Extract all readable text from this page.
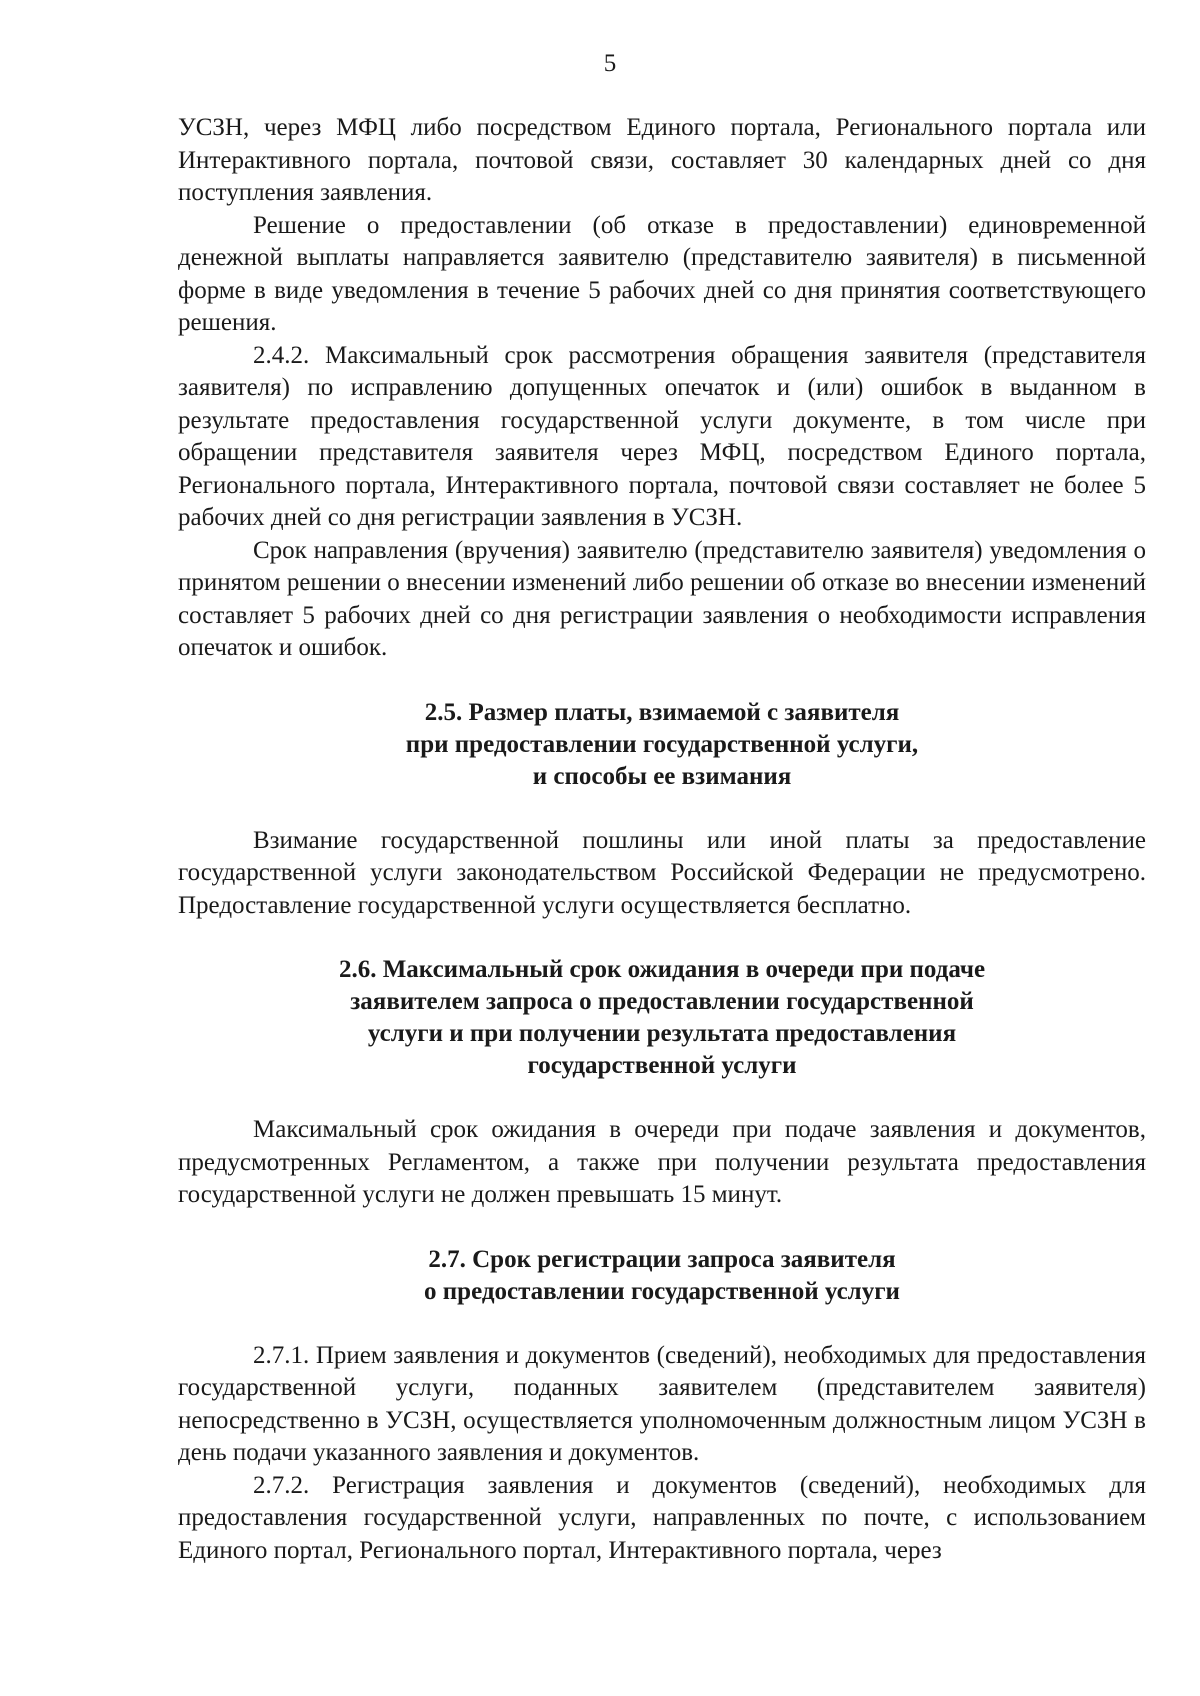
5

УСЗН, через МФЦ либо посредством Единого портала, Регионального портала или Интерактивного портала, почтовой связи, составляет 30 календарных дней со дня поступления заявления.

Решение о предоставлении (об отказе в предоставлении) единовременной денежной выплаты направляется заявителю (представителю заявителя) в письменной форме в виде уведомления в течение 5 рабочих дней со дня принятия соответствующего решения.

2.4.2. Максимальный срок рассмотрения обращения заявителя (представителя заявителя) по исправлению допущенных опечаток и (или) ошибок в выданном в результате предоставления государственной услуги документе, в том числе при обращении представителя заявителя через МФЦ, посредством Единого портала, Регионального портала, Интерактивного портала, почтовой связи составляет не более 5 рабочих дней со дня регистрации заявления в УСЗН.

Срок направления (вручения) заявителю (представителю заявителя) уведомления о принятом решении о внесении изменений либо решении об отказе во внесении изменений составляет 5 рабочих дней со дня регистрации заявления о необходимости исправления опечаток и ошибок.

2.5. Размер платы, взимаемой с заявителя
при предоставлении государственной услуги,
и способы ее взимания

Взимание государственной пошлины или иной платы за предоставление государственной услуги законодательством Российской Федерации не предусмотрено. Предоставление государственной услуги осуществляется бесплатно.

2.6. Максимальный срок ожидания в очереди при подаче
заявителем запроса о предоставлении государственной
услуги и при получении результата предоставления
государственной услуги

Максимальный срок ожидания в очереди при подаче заявления и документов, предусмотренных Регламентом, а также при получении результата предоставления государственной услуги не должен превышать 15 минут.

2.7. Срок регистрации запроса заявителя
о предоставлении государственной услуги

2.7.1. Прием заявления и документов (сведений), необходимых для предоставления государственной услуги, поданных заявителем (представителем заявителя) непосредственно в УСЗН, осуществляется уполномоченным должностным лицом УСЗН в день подачи указанного заявления и документов.

2.7.2. Регистрация заявления и документов (сведений), необходимых для предоставления государственной услуги, направленных по почте, с использованием Единого портал, Регионального портал, Интерактивного портала, через
